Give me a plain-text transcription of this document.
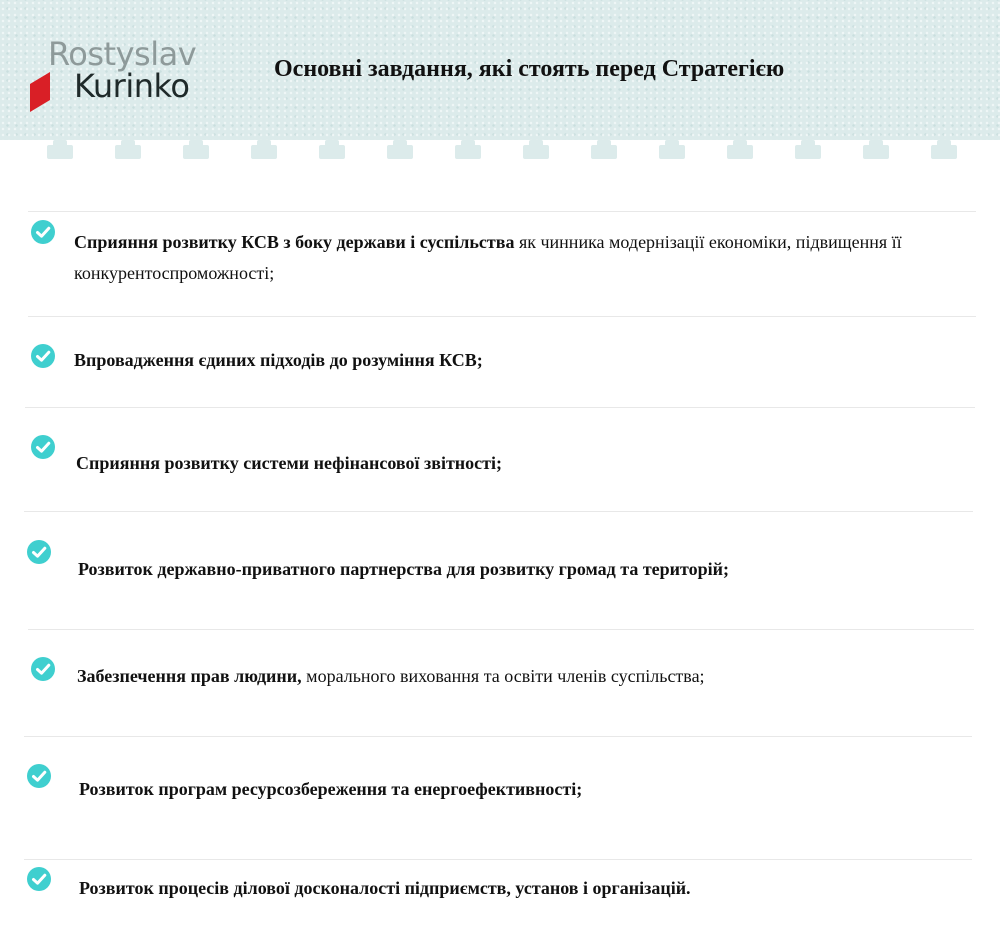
Rostyslav
Kurinko	Основні завдання, які стоять перед Стратегією
Сприяння розвитку КСВ з боку держави і суспільства як чинника модернізації економіки, підвищення її конкурентоспроможності;
Впровадження єдиних підходів до розуміння КСВ;
Сприяння розвитку системи нефінансової звітності;
Розвиток державно-приватного партнерства для розвитку громад та територій;
Забезпечення прав людини, морального виховання та освіти членів суспільства;
Розвиток програм ресурсозбереження та енергоефективності;
Розвиток процесів ділової досконалості підприємств, установ і організацій.
